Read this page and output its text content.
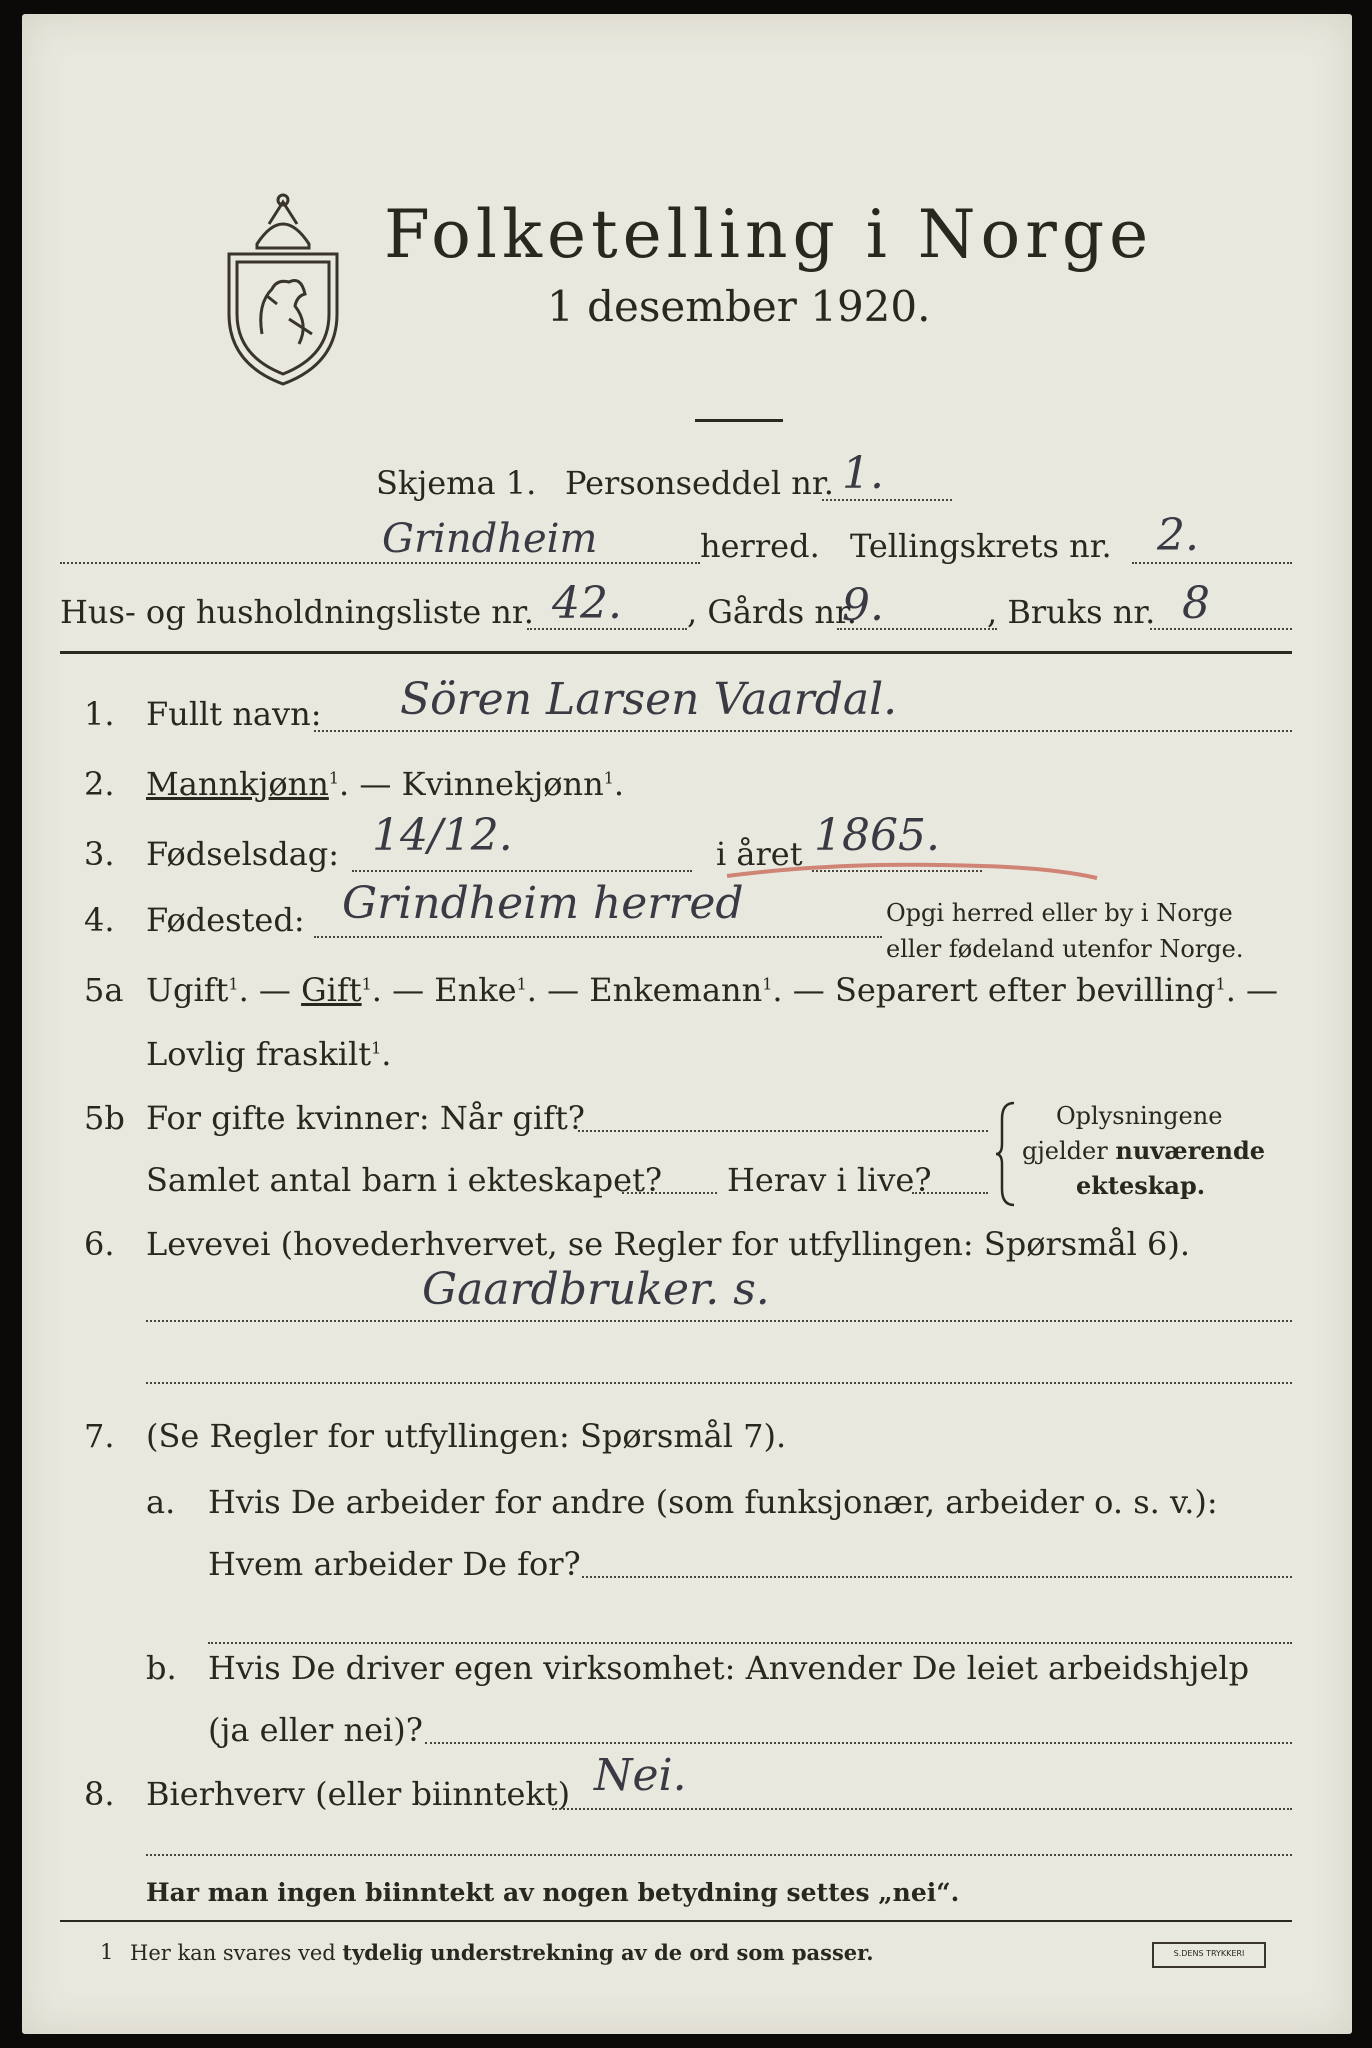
Folketelling i Norge
1 desember 1920.
Skjema 1. Personseddel nr. 1.
Grindheim	herred. Tellingskrets nr. 2.
Hus- og husholdningsliste nr. 42. , Gårds nr.
9.	, Bruks nr. 8
1. Fullt navn: Sören Larsen Vaardal.
2. Mannkjønn$^1$. — Kvinnekjønn$^1$.
3. Fødselsdag: 14/12.	i året 1865.
4. Fødested: Grindheim herred	Opgi herred eller by i Norge
eller fødeland utenfor Norge.
5a Ugift$^1$. — Gift$^1$. — Enke$^1$. — Enkemann$^1$. — Separert efter bevilling$^1$. —
Lovlig fraskilt$^1$.
5b For gifte kvinner: Når gift?
Samlet antal barn i ekteskapet? Herav i live?
Oplysningene
gjelder nuværende
ekteskap.
6. Levevei (hovederhvervet, se Regler for utfyllingen: Spørsmål 6).
Gaardbruker. s.
7. (Se Regler for utfyllingen: Spørsmål 7).
a. Hvis De arbeider for andre (som funksjonær, arbeider o. s. v.):
Hvem arbeider De for?
b. Hvis De driver egen virksomhet: Anvender De leiet arbeidshjelp
(ja eller nei)?
8. Bierhverv (eller biinntekt) Nei.
Har man ingen biinntekt av nogen betydning settes „nei“.
1 Her kan svares ved tydelig understrekning av de ord som passer.	S.DENS TRYKKERI
